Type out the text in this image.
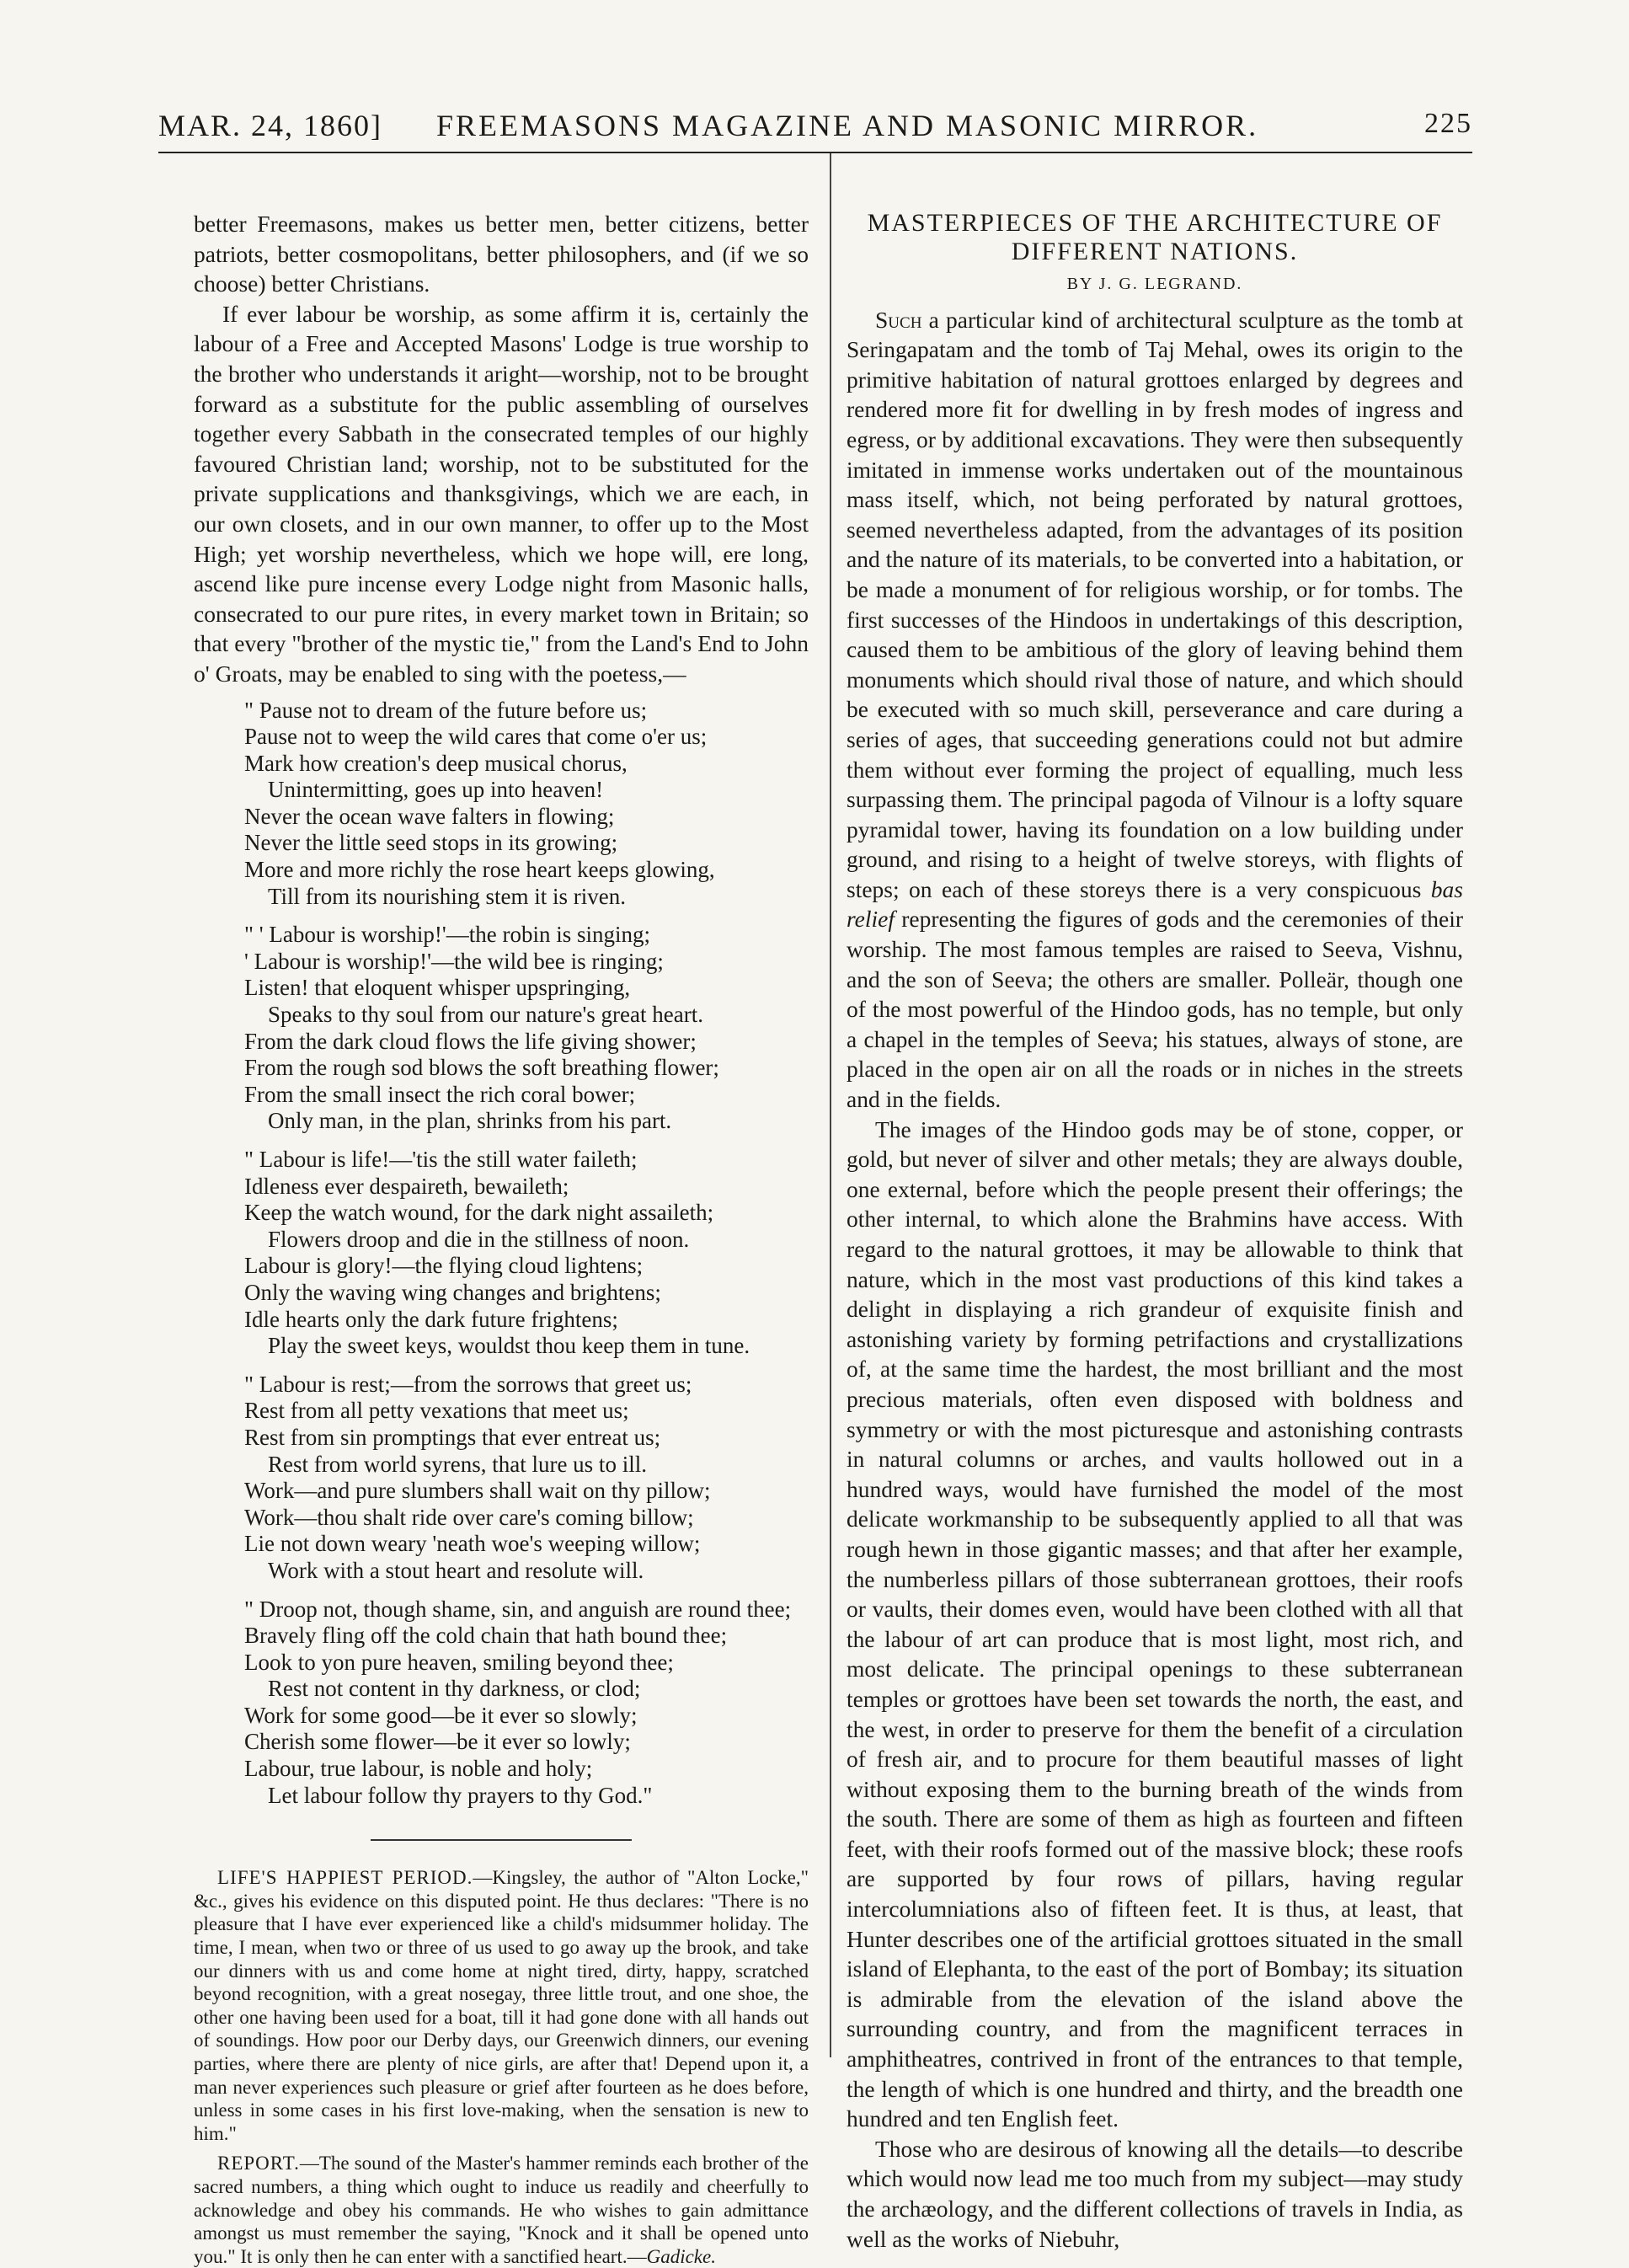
MAR. 24, 1860] FREEMASONS MAGAZINE AND MASONIC MIRROR.	225

better Freemasons, makes us better men, better citizens, better patriots, better cosmopolitans, better philosophers, and (if we so choose) better Christians.

If ever labour be worship, as some affirm it is, certainly the labour of a Free and Accepted Masons' Lodge is true worship to the brother who understands it aright—worship, not to be brought forward as a substitute for the public assembling of ourselves together every Sabbath in the consecrated temples of our highly favoured Christian land; worship, not to be substituted for the private supplications and thanksgivings, which we are each, in our own closets, and in our own manner, to offer up to the Most High; yet worship nevertheless, which we hope will, ere long, ascend like pure incense every Lodge night from Masonic halls, consecrated to our pure rites, in every market town in Britain; so that every "brother of the mystic tie," from the Land's End to John o' Groats, may be enabled to sing with the poetess,—

" Pause not to dream of the future before us;
Pause not to weep the wild cares that come o'er us;
Mark how creation's deep musical chorus,
Unintermitting, goes up into heaven!
Never the ocean wave falters in flowing;
Never the little seed stops in its growing;
More and more richly the rose heart keeps glowing,
Till from its nourishing stem it is riven.
" ' Labour is worship!'—the robin is singing;
' Labour is worship!'—the wild bee is ringing;
Listen! that eloquent whisper upspringing,
Speaks to thy soul from our nature's great heart.
From the dark cloud flows the life giving shower;
From the rough sod blows the soft breathing flower;
From the small insect the rich coral bower;
Only man, in the plan, shrinks from his part.
" Labour is life!—'tis the still water faileth;
Idleness ever despaireth, bewaileth;
Keep the watch wound, for the dark night assaileth;
Flowers droop and die in the stillness of noon.
Labour is glory!—the flying cloud lightens;
Only the waving wing changes and brightens;
Idle hearts only the dark future frightens;
Play the sweet keys, wouldst thou keep them in tune.
" Labour is rest;—from the sorrows that greet us;
Rest from all petty vexations that meet us;
Rest from sin promptings that ever entreat us;
Rest from world syrens, that lure us to ill.
Work—and pure slumbers shall wait on thy pillow;
Work—thou shalt ride over care's coming billow;
Lie not down weary 'neath woe's weeping willow;
Work with a stout heart and resolute will.
" Droop not, though shame, sin, and anguish are round thee;
Bravely fling off the cold chain that hath bound thee;
Look to yon pure heaven, smiling beyond thee;
Rest not content in thy darkness, or clod;
Work for some good—be it ever so slowly;
Cherish some flower—be it ever so lowly;
Labour, true labour, is noble and holy;
Let labour follow thy prayers to thy God."

LIFE'S HAPPIEST PERIOD.—Kingsley, the author of "Alton Locke," &c., gives his evidence on this disputed point. He thus declares: "There is no pleasure that I have ever experienced like a child's midsummer holiday. The time, I mean, when two or three of us used to go away up the brook, and take our dinners with us and come home at night tired, dirty, happy, scratched beyond recognition, with a great nosegay, three little trout, and one shoe, the other one having been used for a boat, till it had gone done with all hands out of soundings. How poor our Derby days, our Greenwich dinners, our evening parties, where there are plenty of nice girls, are after that! Depend upon it, a man never experiences such pleasure or grief after fourteen as he does before, unless in some cases in his first love-making, when the sensation is new to him."

REPORT.—The sound of the Master's hammer reminds each brother of the sacred numbers, a thing which ought to induce us readily and cheerfully to acknowledge and obey his commands. He who wishes to gain admittance amongst us must remember the saying, "Knock and it shall be opened unto you." It is only then he can enter with a sanctified heart.—Gadicke.

MASTERPIECES OF THE ARCHITECTURE OF DIFFERENT NATIONS.
BY J. G. LEGRAND.

Such a particular kind of architectural sculpture as the tomb at Seringapatam and the tomb of Taj Mehal, owes its origin to the primitive habitation of natural grottoes enlarged by degrees and rendered more fit for dwelling in by fresh modes of ingress and egress, or by additional excavations. They were then subsequently imitated in immense works undertaken out of the mountainous mass itself, which, not being perforated by natural grottoes, seemed nevertheless adapted, from the advantages of its position and the nature of its materials, to be converted into a habitation, or be made a monument of for religious worship, or for tombs. The first successes of the Hindoos in undertakings of this description, caused them to be ambitious of the glory of leaving behind them monuments which should rival those of nature, and which should be executed with so much skill, perseverance and care during a series of ages, that succeeding generations could not but admire them without ever forming the project of equalling, much less surpassing them. The principal pagoda of Vilnour is a lofty square pyramidal tower, having its foundation on a low building under ground, and rising to a height of twelve storeys, with flights of steps; on each of these storeys there is a very conspicuous bas relief representing the figures of gods and the ceremonies of their worship. The most famous temples are raised to Seeva, Vishnu, and the son of Seeva; the others are smaller. Polleär, though one of the most powerful of the Hindoo gods, has no temple, but only a chapel in the temples of Seeva; his statues, always of stone, are placed in the open air on all the roads or in niches in the streets and in the fields.

The images of the Hindoo gods may be of stone, copper, or gold, but never of silver and other metals; they are always double, one external, before which the people present their offerings; the other internal, to which alone the Brahmins have access. With regard to the natural grottoes, it may be allowable to think that nature, which in the most vast productions of this kind takes a delight in displaying a rich grandeur of exquisite finish and astonishing variety by forming petrifactions and crystallizations of, at the same time the hardest, the most brilliant and the most precious materials, often even disposed with boldness and symmetry or with the most picturesque and astonishing contrasts in natural columns or arches, and vaults hollowed out in a hundred ways, would have furnished the model of the most delicate workmanship to be subsequently applied to all that was rough hewn in those gigantic masses; and that after her example, the numberless pillars of those subterranean grottoes, their roofs or vaults, their domes even, would have been clothed with all that the labour of art can produce that is most light, most rich, and most delicate. The principal openings to these subterranean temples or grottoes have been set towards the north, the east, and the west, in order to preserve for them the benefit of a circulation of fresh air, and to procure for them beautiful masses of light without exposing them to the burning breath of the winds from the south. There are some of them as high as fourteen and fifteen feet, with their roofs formed out of the massive block; these roofs are supported by four rows of pillars, having regular intercolumniations also of fifteen feet. It is thus, at least, that Hunter describes one of the artificial grottoes situated in the small island of Elephanta, to the east of the port of Bombay; its situation is admirable from the elevation of the island above the surrounding country, and from the magnificent terraces in amphitheatres, contrived in front of the entrances to that temple, the length of which is one hundred and thirty, and the breadth one hundred and ten English feet.

Those who are desirous of knowing all the details—to describe which would now lead me too much from my subject—may study the archæology, and the different collections of travels in India, as well as the works of Niebuhr,
